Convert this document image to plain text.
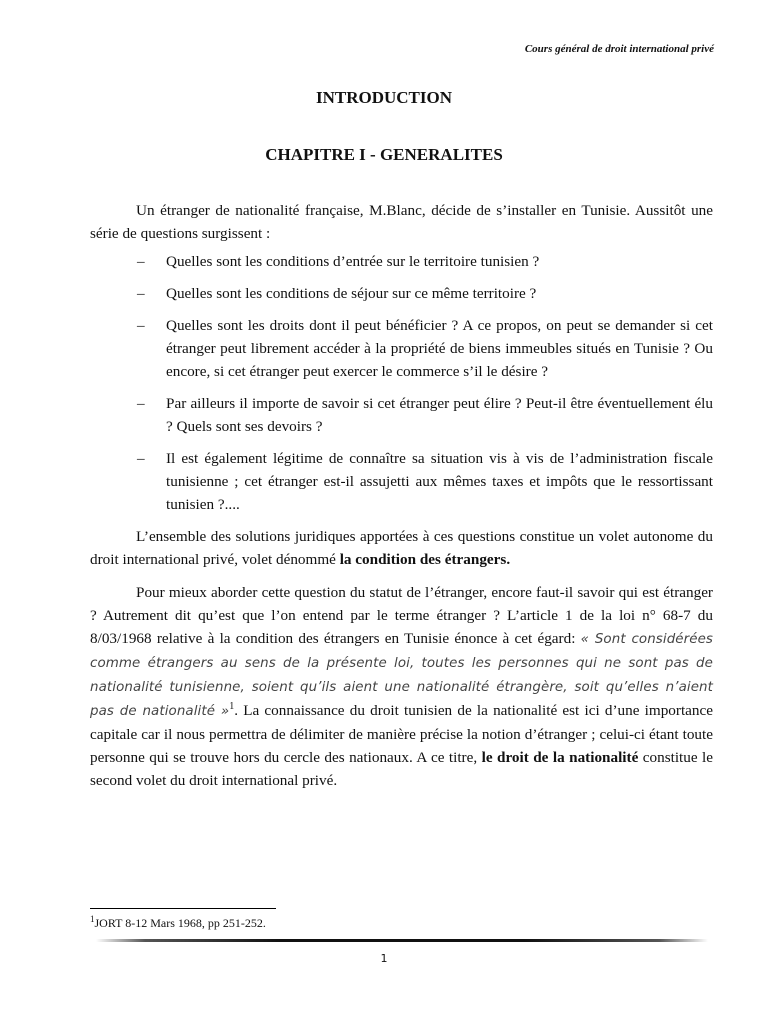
Cours général de droit international privé
INTRODUCTION
CHAPITRE I - GENERALITES

Un étranger de nationalité française, M.Blanc, décide de s’installer en Tunisie. Aussitôt une série de questions surgissent :

– Quelles sont les conditions d’entrée sur le territoire tunisien ?
– Quelles sont les conditions de séjour sur ce même territoire ?
– Quelles sont les droits dont il peut bénéficier ? A ce propos, on peut se demander si cet étranger peut librement accéder à la propriété de biens immeubles situés en Tunisie ? Ou encore, si cet étranger peut exercer le commerce s’il le désire ?
– Par ailleurs il importe de savoir si cet étranger peut élire ? Peut-il être éventuellement élu ? Quels sont ses devoirs ?
– Il est également légitime de connaître sa situation vis à vis de l’administration fiscale tunisienne ; cet étranger est-il assujetti aux mêmes taxes et impôts que le ressortissant tunisien ?....

L’ensemble des solutions juridiques apportées à ces questions constitue un volet autonome du droit international privé, volet dénommé la condition des étrangers.

Pour mieux aborder cette question du statut de l’étranger, encore faut-il savoir qui est étranger ? Autrement dit qu’est que l’on entend par le terme étranger ? L’article 1 de la loi n° 68-7 du 8/03/1968 relative à la condition des étrangers en Tunisie énonce à cet égard: « Sont considérées comme étrangers au sens de la présente loi, toutes les personnes qui ne sont pas de nationalité tunisienne, soient qu’ils aient une nationalité étrangère, soit qu’elles n’aient pas de nationalité »$^1$. La connaissance du droit tunisien de la nationalité est ici d’une importance capitale car il nous permettra de délimiter de manière précise la notion d’étranger ; celui-ci étant toute personne qui se trouve hors du cercle des nationaux. A ce titre, le droit de la nationalité constitue le second volet du droit international privé.

$^1$JORT 8-12 Mars 1968, pp 251-252.
1
